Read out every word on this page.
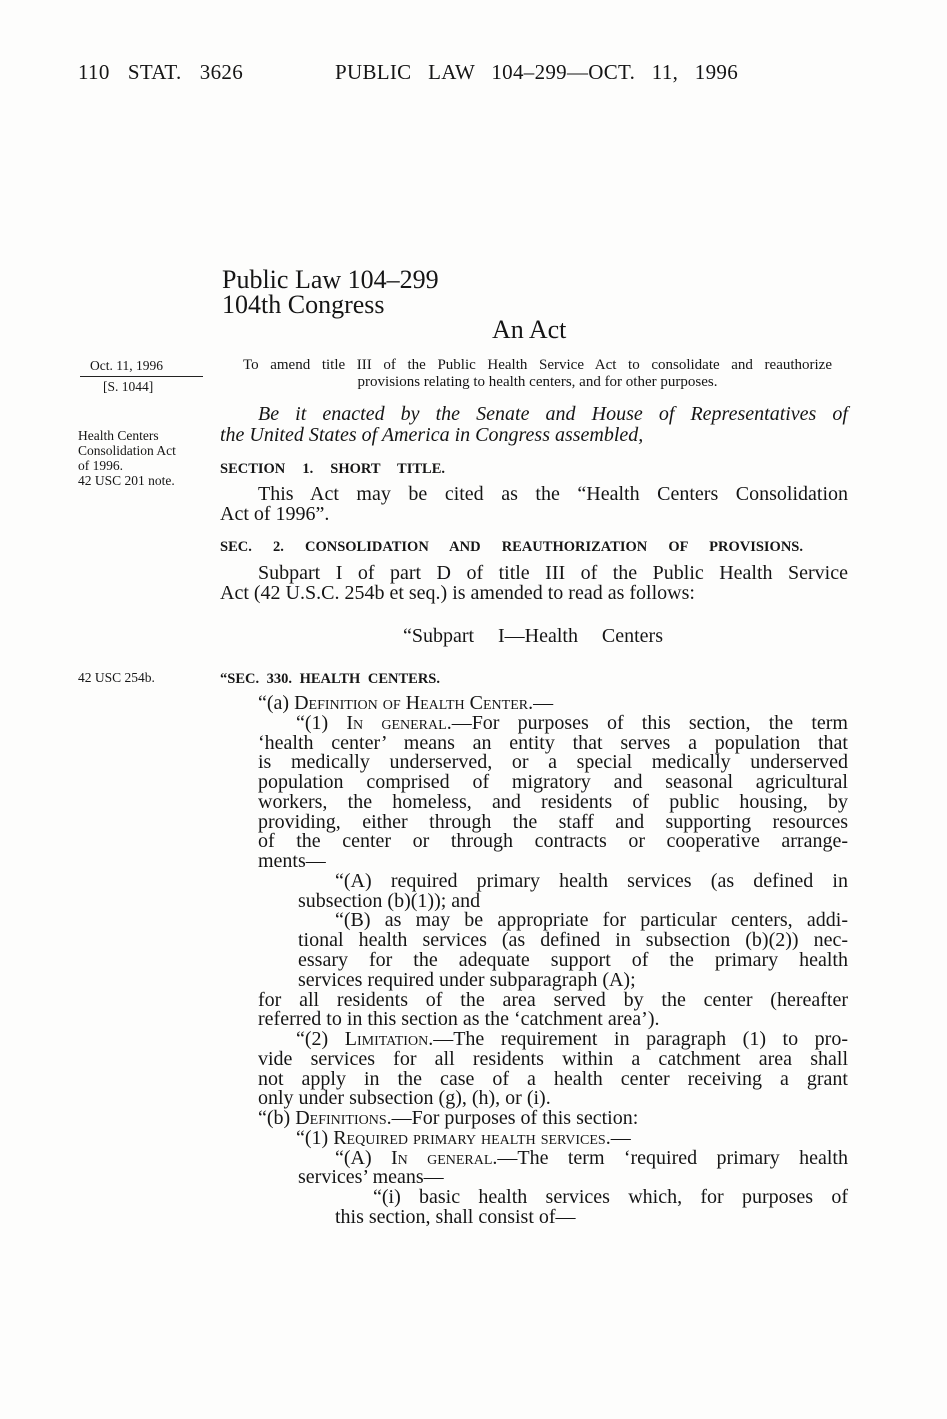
110 STAT. 3626	PUBLIC LAW 104–299—OCT. 11, 1996
Public Law 104–299
104th Congress
An Act
Oct. 11, 1996
[S. 1044]
Health Centers
Consolidation Act
of 1996.
42 USC 201 note.
42 USC 254b.
To amend title III of the Public Health Service Act to consolidate and reauthorize
provisions relating to health centers, and for other purposes.
Be it enacted by the Senate and House of Representatives of
the United States of America in Congress assembled,
SECTION 1. SHORT TITLE.
This Act may be cited as the “Health Centers Consolidation
Act of 1996”.
SEC. 2. CONSOLIDATION AND REAUTHORIZATION OF PROVISIONS.
Subpart I of part D of title III of the Public Health Service
Act (42 U.S.C. 254b et seq.) is amended to read as follows:
“Subpart I—Health Centers
“SEC. 330. HEALTH CENTERS.
“(a) Definition of Health Center.—
“(1) In general.—For purposes of this section, the term
‘health center’ means an entity that serves a population that
is medically underserved, or a special medically underserved
population comprised of migratory and seasonal agricultural
workers, the homeless, and residents of public housing, by
providing, either through the staff and supporting resources
of the center or through contracts or cooperative arrange-
ments—
“(A) required primary health services (as defined in
subsection (b)(1)); and
“(B) as may be appropriate for particular centers, addi-
tional health services (as defined in subsection (b)(2)) nec-
essary for the adequate support of the primary health
services required under subparagraph (A);
for all residents of the area served by the center (hereafter
referred to in this section as the ‘catchment area’).
“(2) Limitation.—The requirement in paragraph (1) to pro-
vide services for all residents within a catchment area shall
not apply in the case of a health center receiving a grant
only under subsection (g), (h), or (i).
“(b) Definitions.—For purposes of this section:
“(1) Required primary health services.—
“(A) In general.—The term ‘required primary health
services’ means—
“(i) basic health services which, for purposes of
this section, shall consist of—
